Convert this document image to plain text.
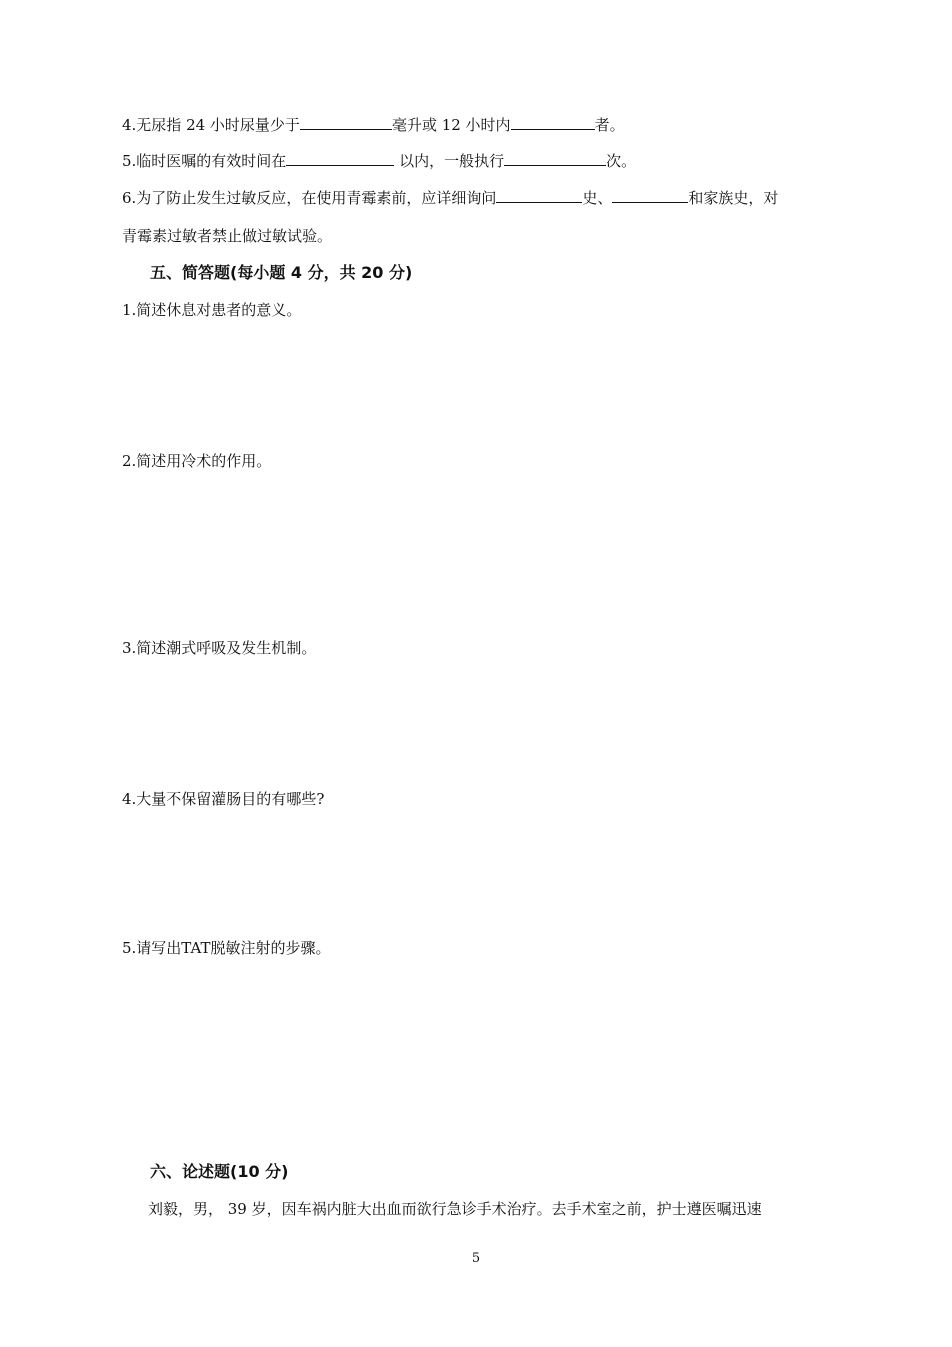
4.无尿指 24 小时尿量少于	毫升或 12 小时内	者。
5.临时医嘱的有效时间在	以内，一般执行	次。
6.为了防止发生过敏反应，在使用青霉素前，应详细询问	史、	和家族史，对
青霉素过敏者禁止做过敏试验。
五、简答题(每小题 4 分，共 20 分)
1.简述休息对患者的意义。
2.简述用冷术的作用。
3.简述潮式呼吸及发生机制。
4.大量不保留灌肠目的有哪些?
5.请写出TAT脱敏注射的步骤。
六、论述题(10 分)
刘毅，男， 39 岁，因车祸内脏大出血而欲行急诊手术治疗。去手术室之前，护士遵医嘱迅速
5
